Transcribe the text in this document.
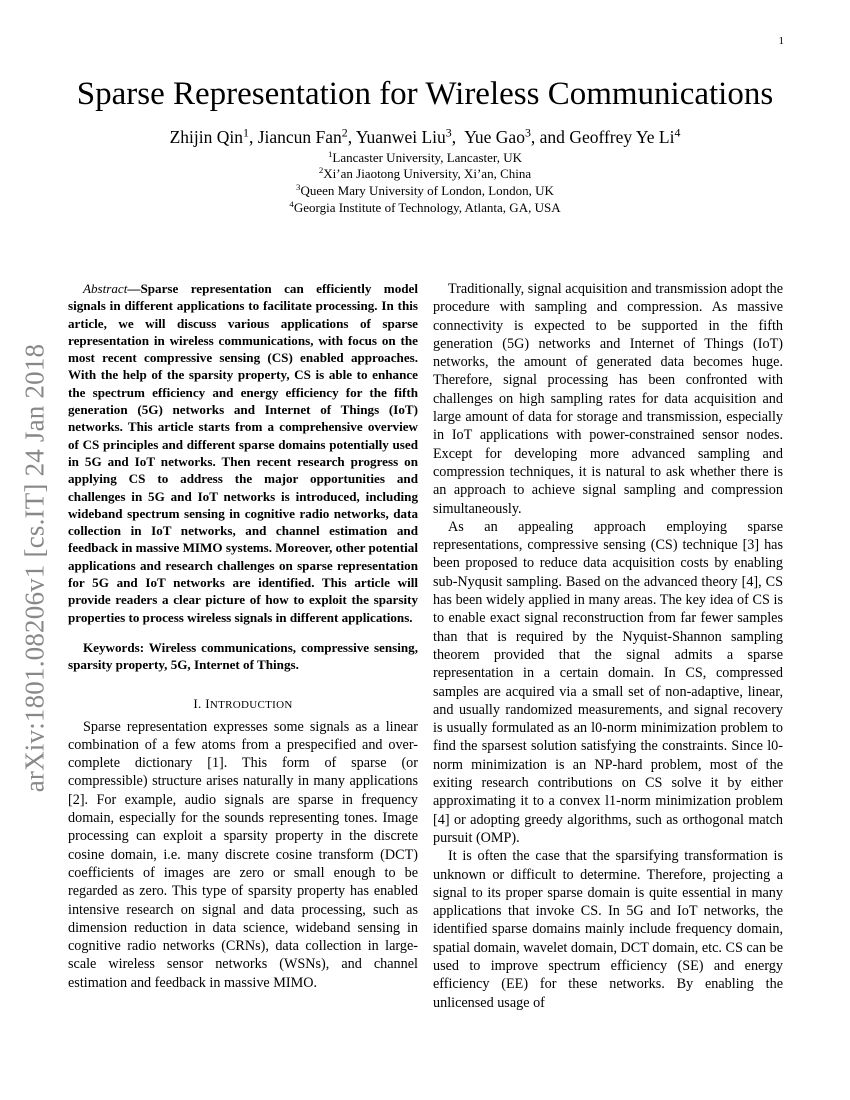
1
arXiv:1801.08206v1 [cs.IT] 24 Jan 2018
Sparse Representation for Wireless Communications
Zhijin Qin$^1$, Jiancun Fan$^2$, Yuanwei Liu$^3$,  Yue Gao$^3$, and Geoffrey Ye Li$^4$
$^1$Lancaster University, Lancaster, UK
$^2$Xi’an Jiaotong University, Xi’an, China
$^3$Queen Mary University of London, London, UK
$^4$Georgia Institute of Technology, Atlanta, GA, USA

Abstract—Sparse representation can efficiently model signals in different applications to facilitate processing. In this article, we will discuss various applications of sparse representation in wireless communications, with focus on the most recent compressive sensing (CS) enabled approaches. With the help of the sparsity property, CS is able to enhance the spectrum efficiency and energy efficiency for the fifth generation (5G) networks and Internet of Things (IoT) networks. This article starts from a comprehensive overview of CS principles and different sparse domains potentially used in 5G and IoT networks. Then recent research progress on applying CS to address the major opportunities and challenges in 5G and IoT networks is introduced, including wideband spectrum sensing in cognitive radio networks, data collection in IoT networks, and channel estimation and feedback in massive MIMO systems. Moreover, other potential applications and research challenges on sparse representation for 5G and IoT networks are identified. This article will provide readers a clear picture of how to exploit the sparsity properties to process wireless signals in different applications.

Keywords: Wireless communications, compressive sensing, sparsity property, 5G, Internet of Things.

I. INTRODUCTION

Sparse representation expresses some signals as a linear combination of a few atoms from a prespecified and over-complete dictionary [1]. This form of sparse (or compressible) structure arises naturally in many applications [2]. For example, audio signals are sparse in frequency domain, especially for the sounds representing tones. Image processing can exploit a sparsity property in the discrete cosine domain, i.e. many discrete cosine transform (DCT) coefficients of images are zero or small enough to be regarded as zero. This type of sparsity property has enabled intensive research on signal and data processing, such as dimension reduction in data science, wideband sensing in cognitive radio networks (CRNs), data collection in large-scale wireless sensor networks (WSNs), and channel estimation and feedback in massive MIMO.

Traditionally, signal acquisition and transmission adopt the procedure with sampling and compression. As massive connectivity is expected to be supported in the fifth generation (5G) networks and Internet of Things (IoT) networks, the amount of generated data becomes huge. Therefore, signal processing has been confronted with challenges on high sampling rates for data acquisition and large amount of data for storage and transmission, especially in IoT applications with power-constrained sensor nodes. Except for developing more advanced sampling and compression techniques, it is natural to ask whether there is an approach to achieve signal sampling and compression simultaneously.

As an appealing approach employing sparse representations, compressive sensing (CS) technique [3] has been proposed to reduce data acquisition costs by enabling sub-Nyqusit sampling. Based on the advanced theory [4], CS has been widely applied in many areas. The key idea of CS is to enable exact signal reconstruction from far fewer samples than that is required by the Nyquist-Shannon sampling theorem provided that the signal admits a sparse representation in a certain domain. In CS, compressed samples are acquired via a small set of non-adaptive, linear, and usually randomized measurements, and signal recovery is usually formulated as an l0-norm minimization problem to find the sparsest solution satisfying the constraints. Since l0-norm minimization is an NP-hard problem, most of the exiting research contributions on CS solve it by either approximating it to a convex l1-norm minimization problem [4] or adopting greedy algorithms, such as orthogonal match pursuit (OMP).

It is often the case that the sparsifying transformation is unknown or difficult to determine. Therefore, projecting a signal to its proper sparse domain is quite essential in many applications that invoke CS. In 5G and IoT networks, the identified sparse domains mainly include frequency domain, spatial domain, wavelet domain, DCT domain, etc. CS can be used to improve spectrum efficiency (SE) and energy efficiency (EE) for these networks. By enabling the unlicensed usage of
